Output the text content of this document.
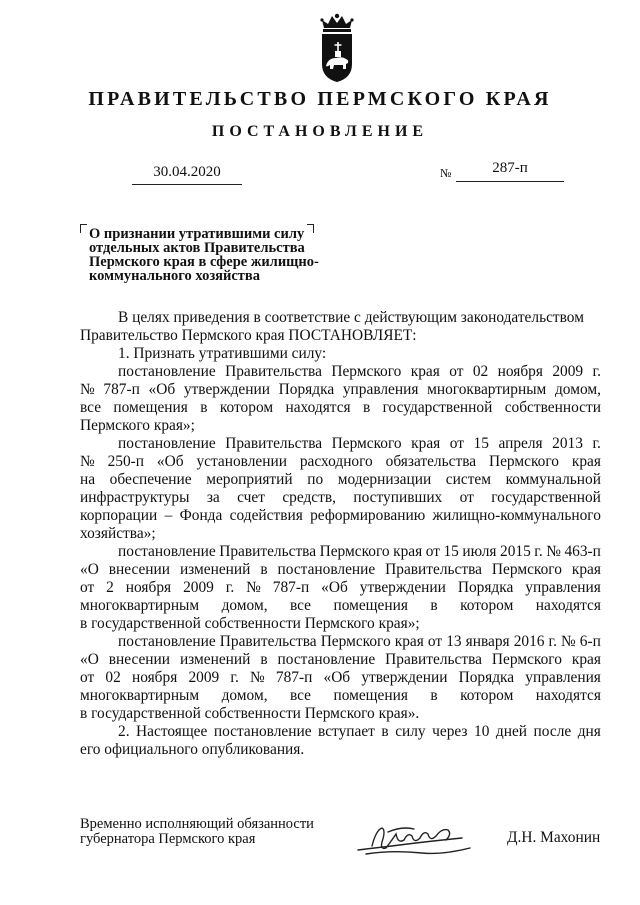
ПРАВИТЕЛЬСТВО ПЕРМСКОГО КРАЯ
ПОСТАНОВЛЕНИЕ
30.04.2020	№	287-п
О признании утратившими силу
отдельных актов Правительства
Пермского края в сфере жилищно-
коммунального хозяйства
В целях приведения в соответствие с действующим законодательством
Правительство Пермского края ПОСТАНОВЛЯЕТ:
1. Признать утратившими силу:
постановление Правительства Пермского края от 02 ноября 2009 г.
№ 787-п «Об утверждении Порядка управления многоквартирным домом,
все помещения в котором находятся в государственной собственности
Пермского края»;
постановление Правительства Пермского края от 15 апреля 2013 г.
№ 250-п «Об установлении расходного обязательства Пермского края
на обеспечение мероприятий по модернизации систем коммунальной
инфраструктуры за счет средств, поступивших от государственной
корпорации – Фонда содействия реформированию жилищно-коммунального
хозяйства»;
постановление Правительства Пермского края от 15 июля 2015 г. № 463-п
«О внесении изменений в постановление Правительства Пермского края
от 2 ноября 2009 г. № 787-п «Об утверждении Порядка управления
многоквартирным домом, все помещения в котором находятся
в государственной собственности Пермского края»;
постановление Правительства Пермского края от 13 января 2016 г. № 6-п
«О внесении изменений в постановление Правительства Пермского края
от 02 ноября 2009 г. № 787-п «Об утверждении Порядка управления
многоквартирным домом, все помещения в котором находятся
в государственной собственности Пермского края».
2. Настоящее постановление вступает в силу через 10 дней после дня
его официального опубликования.
Временно исполняющий обязанности
губернатора Пермского края	Д.Н. Махонин
